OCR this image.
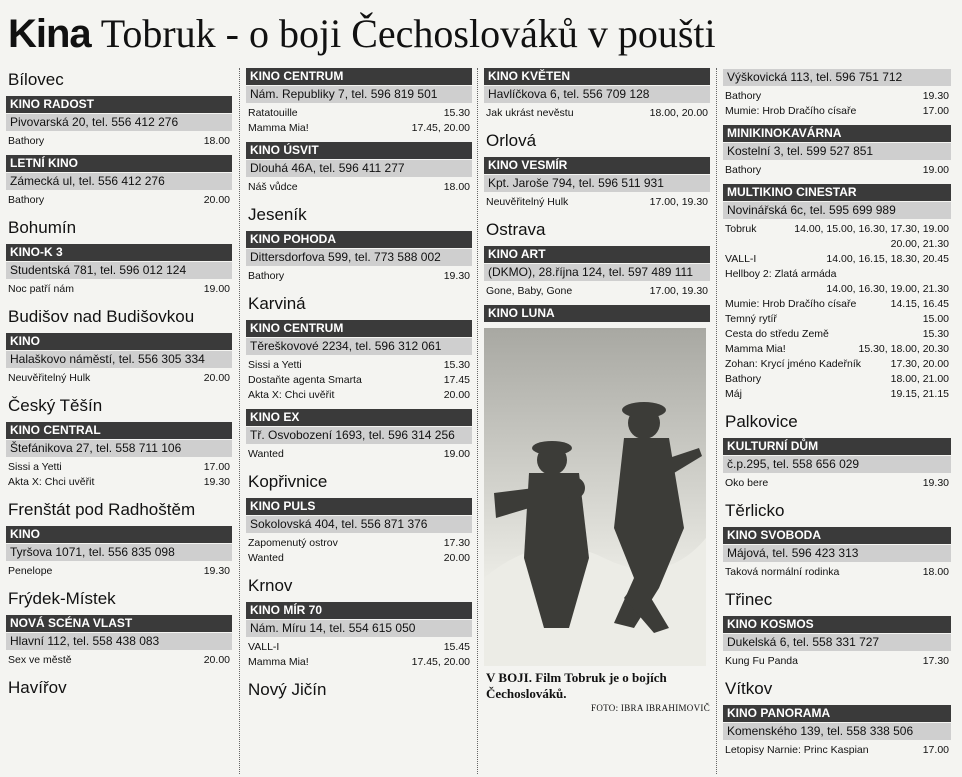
Kina Tobruk - o boji Čechoslováků v poušti
Bílovec
KINO RADOST
Pivovarská 20, tel. 556 412 276
Bathory	18.00
LETNÍ KINO
Zámecká ul, tel. 556 412 276
Bathory	20.00
Bohumín
KINO-K 3
Studentská 781, tel. 596 012 124
Noc patří nám	19.00
Budišov nad Budišovkou
KINO
Halaškovo náměstí, tel. 556 305 334
Neuvěřitelný Hulk	20.00
Český Těšín
KINO CENTRAL
Štefánikova 27, tel. 558 711 106
Sissi a Yetti	17.00
Akta X: Chci uvěřit	19.30
Frenštát pod Radhoštěm
KINO
Tyršova 1071, tel. 556 835 098
Penelope	19.30
Frýdek-Místek
NOVÁ SCÉNA VLAST
Hlavní 112, tel. 558 438 083
Sex ve městě	20.00
Havířov
KINO CENTRUM
Nám. Republiky 7, tel. 596 819 501
Ratatouille	15.30
Mamma Mia!	17.45, 20.00
KINO ÚSVIT
Dlouhá 46A, tel. 596 411 277
Náš vůdce	18.00
Jeseník
KINO POHODA
Dittersdorfova 599, tel. 773 588 002
Bathory	19.30
Karviná
KINO CENTRUM
Těreškovové 2234, tel. 596 312 061
Sissi a Yetti	15.30
Dostaňte agenta Smarta	17.45
Akta X: Chci uvěřit	20.00
KINO EX
Tř. Osvobození 1693, tel. 596 314 256
Wanted	19.00
Kopřivnice
KINO PULS
Sokolovská 404, tel. 556 871 376
Zapomenutý ostrov	17.30
Wanted	20.00
Krnov
KINO MÍR 70
Nám. Míru 14, tel. 554 615 050
VALL-I	15.45
Mamma Mia!	17.45, 20.00
Nový Jičín
KINO KVĚTEN
Havlíčkova 6, tel. 556 709 128
Jak ukrást nevěstu	18.00, 20.00
Orlová
KINO VESMÍR
Kpt. Jaroše 794, tel. 596 511 931
Neuvěřitelný Hulk	17.00, 19.30
Ostrava
KINO ART
(DKMO), 28.října 124, tel. 597 489 111
Gone, Baby, Gone	17.00, 19.30
KINO LUNA
V BOJI. Film Tobruk je o bojích Čechoslováků.
FOTO: IBRA IBRAHIMOVIČ
Výškovická 113, tel. 596 751 712
Bathory	19.30
Mumie: Hrob Dračího císaře	17.00
MINIKINOKAVÁRNA
Kostelní 3, tel. 599 527 851
Bathory	19.00
MULTIKINO CINESTAR
Novinářská 6c, tel. 595 699 989
Tobruk	14.00, 15.00, 16.30, 17.30, 19.00
20.00, 21.30
VALL-I	14.00, 16.15, 18.30, 20.45
Hellboy 2: Zlatá armáda
14.00, 16.30, 19.00, 21.30
Mumie: Hrob Dračího císaře	14.15, 16.45
Temný rytíř	15.00
Cesta do středu Země	15.30
Mamma Mia!	15.30, 18.00, 20.30
Zohan: Krycí jméno Kadeřník	17.30, 20.00
Bathory	18.00, 21.00
Máj	19.15, 21.15
Palkovice
KULTURNÍ DŮM
č.p.295, tel. 558 656 029
Oko bere	19.30
Těrlicko
KINO SVOBODA
Májová, tel. 596 423 313
Taková normální rodinka	18.00
Třinec
KINO KOSMOS
Dukelská 6, tel. 558 331 727
Kung Fu Panda	17.30
Vítkov
KINO PANORAMA
Komenského 139, tel. 558 338 506
Letopisy Narnie: Princ Kaspian	17.00
